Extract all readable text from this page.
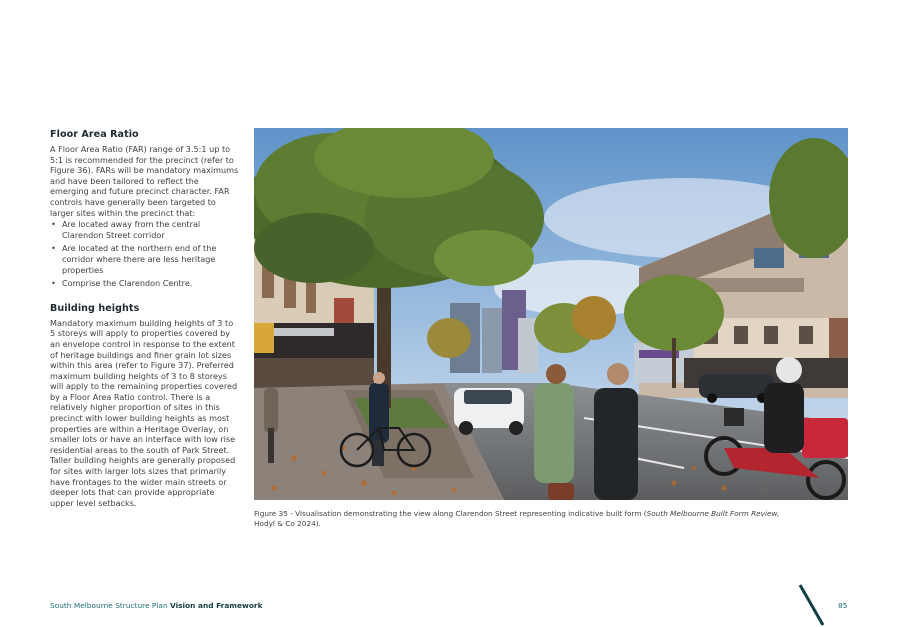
Floor Area Ratio
A Floor Area Ratio (FAR) range of 3.5:1 up to 5:1 is recommended for the precinct (refer to Figure 36). FARs will be mandatory maximums and have been tailored to reflect the emerging and future precinct character. FAR controls have generally been targeted to larger sites within the precinct that:
• Are located away from the central Clarendon Street corridor
• Are located at the northern end of the corridor where there are less heritage properties
• Comprise the Clarendon Centre.
Building heights
Mandatory maximum building heights of 3 to 5 storeys will apply to properties covered by an envelope control in response to the extent of heritage buildings and finer grain lot sizes within this area (refer to Figure 37). Preferred maximum building heights of 3 to 8 storeys will apply to the remaining properties covered by a Floor Area Ratio control. There is a relatively higher proportion of sites in this precinct with lower building heights as most properties are within a Heritage Overlay, on smaller lots or have an interface with low rise residential areas to the south of Park Street. Taller building heights are generally proposed for sites with larger lots sizes that primarily have frontages to the wider main streets or deeper lots that can provide appropriate upper level setbacks.
Figure 35 - Visualisation demonstrating the view along Clarendon Street representing indicative built form (South Melbourne Built Form Review, Hodyl & Co 2024).
South Melbourne Structure Plan Vision and Framework	85
